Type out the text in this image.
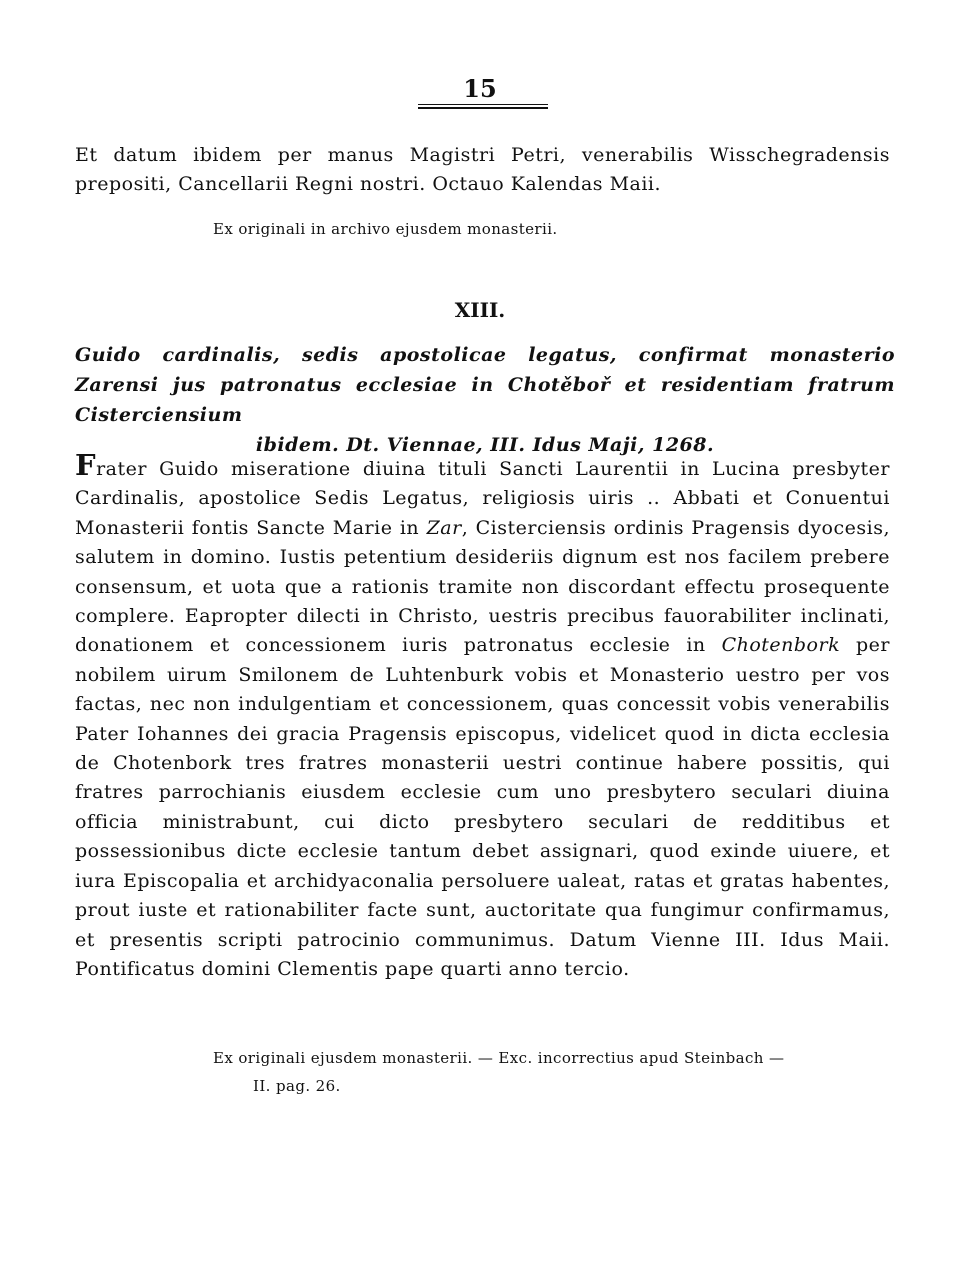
15
Et datum ibidem per manus Magistri Petri, venerabilis Wisschegradensis prepositi, Cancellarii Regni nostri. Octauo Kalendas Maii.
Ex originali in archivo ejusdem monasterii.
XIII.
Guido cardinalis, sedis apostolicae legatus, confirmat monasterio Zarensi jus patronatus ecclesiae in Chotěboř et residentiam fratrum Cisterciensium
ibidem. Dt. Viennae, III. Idus Maji, 1268.
Frater Guido miseratione diuina tituli Sancti Laurentii in Lucina presbyter Cardinalis, apostolice Sedis Legatus, religiosis uiris .. Abbati et Conuentui Monasterii fontis Sancte Marie in Zar, Cisterciensis ordinis Pragensis dyocesis, salutem in domino. Iustis petentium desideriis dignum est nos facilem prebere consensum, et uota que a rationis tramite non discordant effectu prosequente complere. Eapropter dilecti in Christo, uestris precibus fauorabiliter inclinati, donationem et concessionem iuris patronatus ecclesie in Chotenbork per nobilem uirum Smilonem de Luhtenburk vobis et Monasterio uestro per vos factas, nec non indulgentiam et concessionem, quas concessit vobis venerabilis Pater Iohannes dei gracia Pragensis episcopus, videlicet quod in dicta ecclesia de Chotenbork tres fratres monasterii uestri continue habere possitis, qui fratres parrochianis eiusdem ecclesie cum uno presbytero seculari diuina officia ministrabunt, cui dicto presbytero seculari de redditibus et possessionibus dicte ecclesie tantum debet assignari, quod exinde uiuere, et iura Episcopalia et archidyaconalia persoluere ualeat, ratas et gratas habentes, prout iuste et rationabiliter facte sunt, auctoritate qua fungimur confirmamus, et presentis scripti patrocinio communimus. Datum Vienne III. Idus Maii. Pontificatus domini Clementis pape quarti anno tercio.
Ex originali ejusdem monasterii. — Exc. incorrectius apud Steinbach —
II. pag. 26.
